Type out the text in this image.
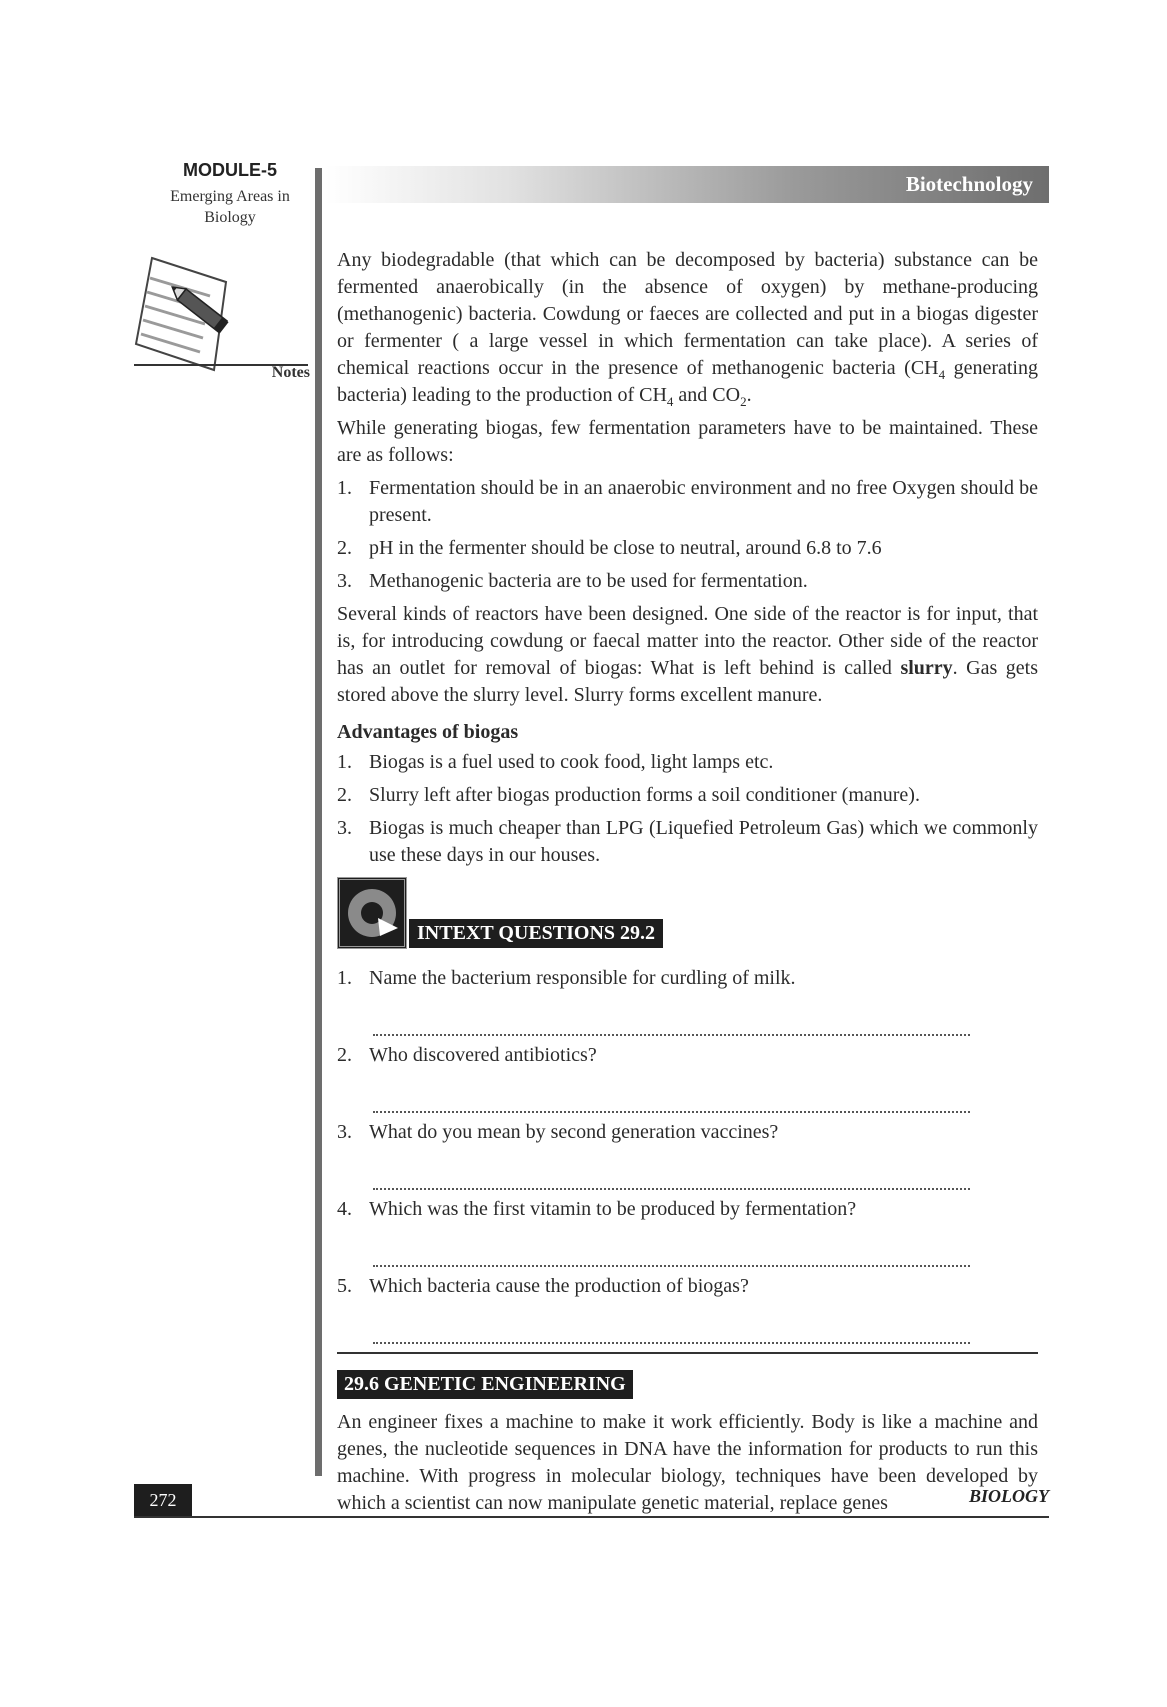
MODULE-5
Emerging Areas in Biology
Notes
Biotechnology

Any biodegradable (that which can be decomposed by bacteria) substance can be fermented anaerobically (in the absence of oxygen) by methane-producing (methanogenic) bacteria. Cowdung or faeces are collected and put in a biogas digester or fermenter ( a large vessel in which fermentation can take place). A series of chemical reactions occur in the presence of methanogenic bacteria ($CH_4$ generating bacteria) leading to the production of $CH_4$ and $CO_2$.

While generating biogas, few fermentation parameters have to be maintained. These are as follows:

1. Fermentation should be in an anaerobic environment and no free Oxygen should be present.
2. pH in the fermenter should be close to neutral, around 6.8 to 7.6
3. Methanogenic bacteria are to be used for fermentation.

Several kinds of reactors have been designed. One side of the reactor is for input, that is, for introducing cowdung or faecal matter into the reactor. Other side of the reactor has an outlet for removal of biogas: What is left behind is called slurry. Gas gets stored above the slurry level. Slurry forms excellent manure.

Advantages of biogas
1. Biogas is a fuel used to cook food, light lamps etc.
2. Slurry left after biogas production forms a soil conditioner (manure).
3. Biogas is much cheaper than LPG (Liquefied Petroleum Gas) which we commonly use these days in our houses.
INTEXT QUESTIONS 29.2
1. Name the bacterium responsible for curdling of milk.
2. Who discovered antibiotics?
3. What do you mean by second generation vaccines?
4. Which was the first vitamin to be produced by fermentation?
5. Which bacteria cause the production of biogas?
29.6 GENETIC ENGINEERING

An engineer fixes a machine to make it work efficiently. Body is like a machine and genes, the nucleotide sequences in DNA have the information for products to run this machine. With progress in molecular biology, techniques have been developed by which a scientist can now manipulate genetic material, replace genes

272	BIOLOGY
